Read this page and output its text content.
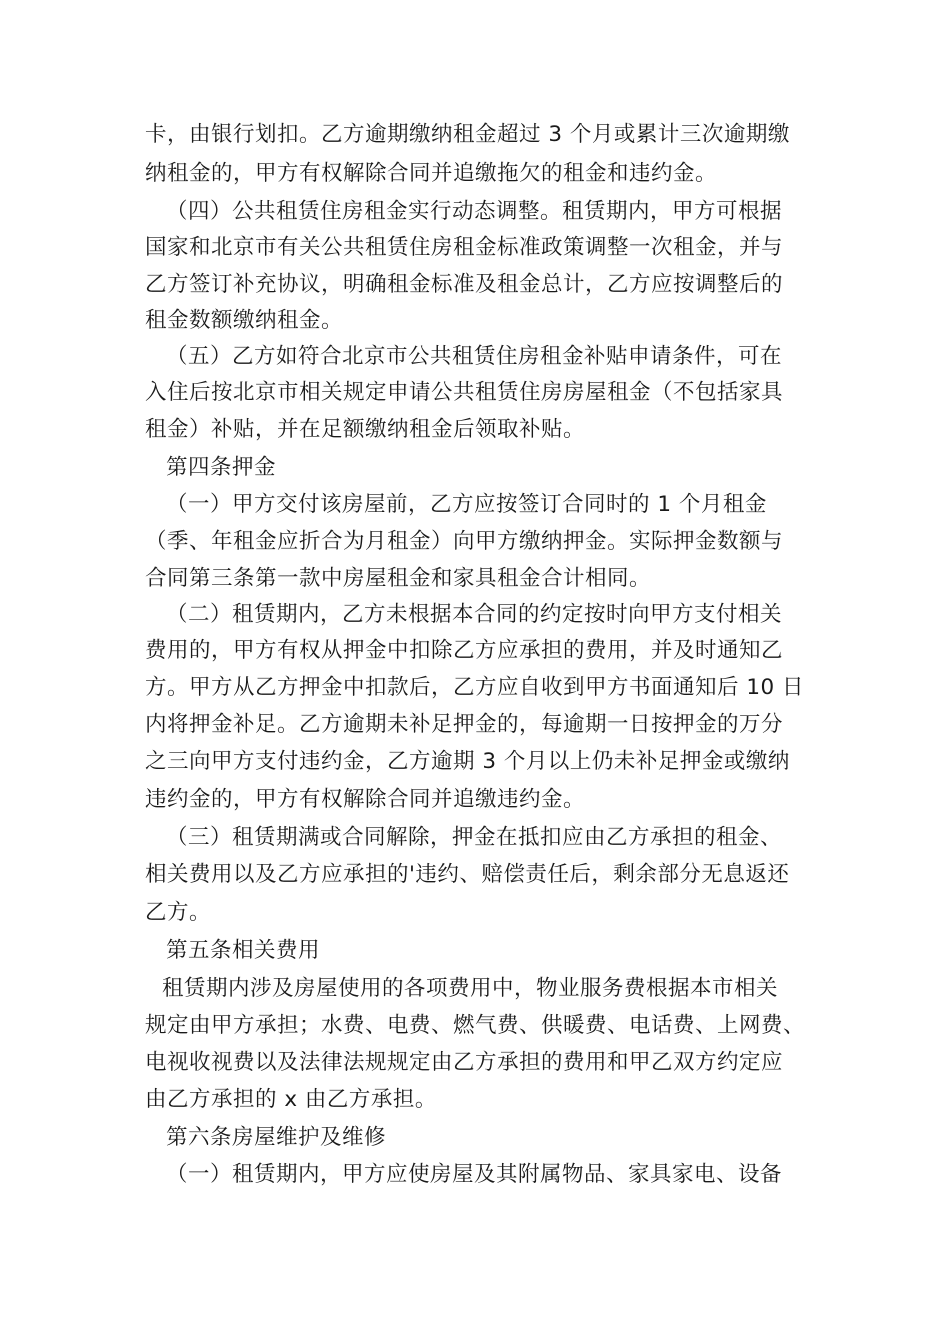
卡，由银行划扣。乙方逾期缴纳租金超过 3 个月或累计三次逾期缴
纳租金的，甲方有权解除合同并追缴拖欠的租金和违约金。
（四）公共租赁住房租金实行动态调整。租赁期内，甲方可根据
国家和北京市有关公共租赁住房租金标准政策调整一次租金，并与
乙方签订补充协议，明确租金标准及租金总计，乙方应按调整后的
租金数额缴纳租金。
（五）乙方如符合北京市公共租赁住房租金补贴申请条件，可在
入住后按北京市相关规定申请公共租赁住房房屋租金（不包括家具
租金）补贴，并在足额缴纳租金后领取补贴。
第四条押金
（一）甲方交付该房屋前，乙方应按签订合同时的 1 个月租金
（季、年租金应折合为月租金）向甲方缴纳押金。实际押金数额与
合同第三条第一款中房屋租金和家具租金合计相同。
（二）租赁期内，乙方未根据本合同的约定按时向甲方支付相关
费用的，甲方有权从押金中扣除乙方应承担的费用，并及时通知乙
方。甲方从乙方押金中扣款后，乙方应自收到甲方书面通知后 10 日
内将押金补足。乙方逾期未补足押金的，每逾期一日按押金的万分
之三向甲方支付违约金，乙方逾期 3 个月以上仍未补足押金或缴纳
违约金的，甲方有权解除合同并追缴违约金。
（三）租赁期满或合同解除，押金在抵扣应由乙方承担的租金、
相关费用以及乙方应承担的'违约、赔偿责任后，剩余部分无息返还
乙方。
第五条相关费用
租赁期内涉及房屋使用的各项费用中，物业服务费根据本市相关
规定由甲方承担；水费、电费、燃气费、供暖费、电话费、上网费、
电视收视费以及法律法规规定由乙方承担的费用和甲乙双方约定应
由乙方承担的 x 由乙方承担。
第六条房屋维护及维修
（一）租赁期内，甲方应使房屋及其附属物品、家具家电、设备
